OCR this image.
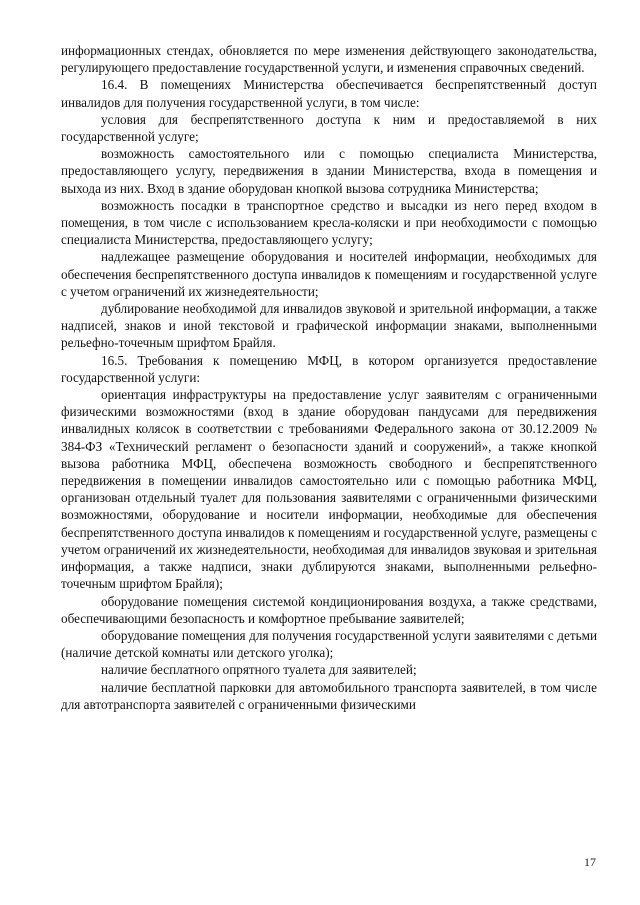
информационных стендах, обновляется по мере изменения действующего законодательства, регулирующего предоставление государственной услуги, и изменения справочных сведений.

16.4. В помещениях Министерства обеспечивается беспрепятственный доступ инвалидов для получения государственной услуги, в том числе:

условия для беспрепятственного доступа к ним и предоставляемой в них государственной услуге;

возможность самостоятельного или с помощью специалиста Министерства, предоставляющего услугу, передвижения в здании Министерства, входа в помещения и выхода из них. Вход в здание оборудован кнопкой вызова сотрудника Министерства;

возможность посадки в транспортное средство и высадки из него перед входом в помещения, в том числе с использованием кресла-коляски и при необходимости с помощью специалиста Министерства, предоставляющего услугу;

надлежащее размещение оборудования и носителей информации, необходимых для обеспечения беспрепятственного доступа инвалидов к помещениям и государственной услуге с учетом ограничений их жизнедеятельности;

дублирование необходимой для инвалидов звуковой и зрительной информации, а также надписей, знаков и иной текстовой и графической информации знаками, выполненными рельефно-точечным шрифтом Брайля.

16.5. Требования к помещению МФЦ, в котором организуется предоставление государственной услуги:

ориентация инфраструктуры на предоставление услуг заявителям с ограниченными физическими возможностями (вход в здание оборудован пандусами для передвижения инвалидных колясок в соответствии с требованиями Федерального закона от 30.12.2009 № 384-ФЗ «Технический регламент о безопасности зданий и сооружений», а также кнопкой вызова работника МФЦ, обеспечена возможность свободного и беспрепятственного передвижения в помещении инвалидов самостоятельно или с помощью работника МФЦ, организован отдельный туалет для пользования заявителями с ограниченными физическими возможностями, оборудование и носители информации, необходимые для обеспечения беспрепятственного доступа инвалидов к помещениям и государственной услуге, размещены с учетом ограничений их жизнедеятельности, необходимая для инвалидов звуковая и зрительная информация, а также надписи, знаки дублируются знаками, выполненными рельефно-точечным шрифтом Брайля);

оборудование помещения системой кондиционирования воздуха, а также средствами, обеспечивающими безопасность и комфортное пребывание заявителей;

оборудование помещения для получения государственной услуги заявителями с детьми (наличие детской комнаты или детского уголка);

наличие бесплатного опрятного туалета для заявителей;

наличие бесплатной парковки для автомобильного транспорта заявителей, в том числе для автотранспорта заявителей с ограниченными физическими

17
